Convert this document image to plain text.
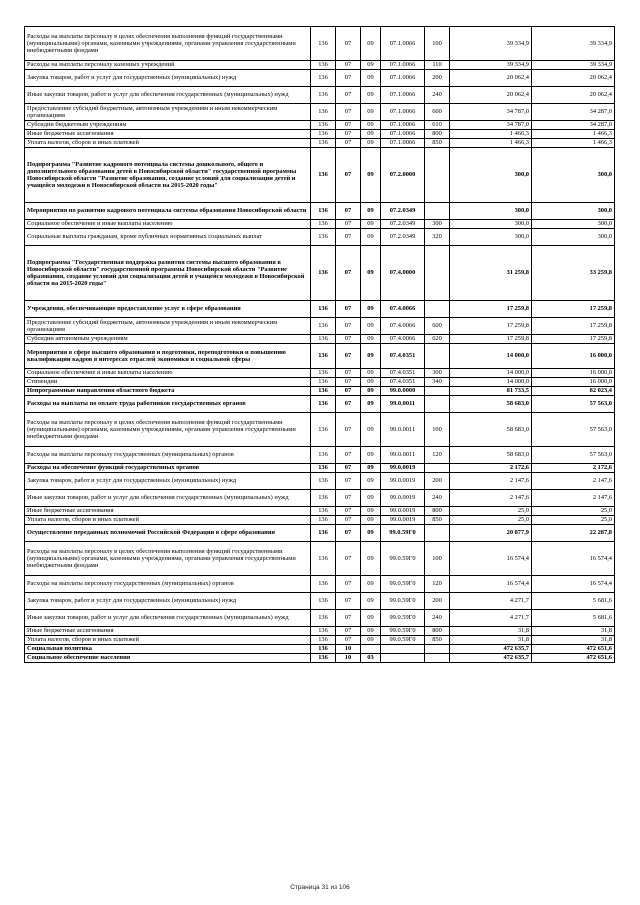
Расходы на выплаты персоналу в целях обеспечения выполнения функций государственными (муниципальными) органами, казенными учреждениями, органами управления государственными внебюджетными фондами	136	07	09	07.1.0066	100	39 334,9	39 334,9
Расходы на выплаты персоналу казенных учреждений	136	07	09	07.1.0066	110	39 334,9	39 334,9
Закупка товаров, работ и услуг для государственных (муниципальных) нужд	136	07	09	07.1.0066	200	20 062,4	20 062,4
Иные закупки товаров, работ и услуг для обеспечения государственных (муниципальных) нужд	136	07	09	07.1.0066	240	20 062,4	20 062,4
Предоставление субсидий бюджетным, автономным учреждениям и иным некоммерческим организациям	136	07	09	07.1.0066	600	34 787,0	34 287,0
Субсидии бюджетным учреждениям	136	07	09	07.1.0066	610	34 787,0	34 287,0
Иные бюджетные ассигнования	136	07	09	07.1.0066	800	1 466,3	1 466,3
Уплата налогов, сборов и иных платежей	136	07	09	07.1.0066	850	1 466,3	1 466,3
Подпрограмма "Развитие кадрового потенциала системы дошкольного, общего и дополнительного образования детей в Новосибирской области" государственной программы Новосибирской области "Развитие образования, создание условий для социализации детей и учащейся молодежи в Новосибирской области на 2015-2020 годы"	136	07	09	07.2.0000		300,0	300,0
Мероприятия по развитию кадрового потенциала системы образования Новосибирской области	136	07	09	07.2.0349		300,0	300,0
Социальное обеспечение и иные выплаты населению	136	07	09	07.2.0349	300	300,0	300,0
Социальные выплаты гражданам, кроме публичных нормативных социальных выплат	136	07	09	07.2.0349	320	300,0	300,0
Подпрограмма "Государственная поддержка развития системы высшего образования в Новосибирской области" государственной программы Новосибирской области "Развитие образования, создание условий для социализации детей и учащейся молодежи в Новосибирской области на 2015-2020 годы"	136	07	09	07.4.0000		31 259,8	33 259,8
Учреждения, обеспечивающие предоставление услуг в сфере образования	136	07	09	07.4.0066		17 259,8	17 259,8
Предоставление субсидий бюджетным, автономным учреждениям и иным некоммерческим организациям	136	07	09	07.4.0066	600	17 259,8	17 259,8
Субсидии автономным учреждениям	136	07	09	07.4.0066	620	17 259,8	17 259,8
Мероприятия в сфере высшего образования и подготовки, переподготовки и повышению квалификации кадров в интересах отраслей экономики и социальной сферы	136	07	09	07.4.0351		14 000,0	16 000,0
Социальное обеспечение и иные выплаты населению	136	07	09	07.4.0351	300	14 000,0	16 000,0
Стипендии	136	07	09	07.4.0351	340	14 000,0	16 000,0
Непрограммные направления областного бюджета	136	07	09	99.0.0000		81 733,5	82 023,4
Расходы на выплаты по оплате труда работников государственных органов	136	07	09	99.0.0011		58 683,0	57 563,0
Расходы на выплаты персоналу в целях обеспечения выполнения функций государственными (муниципальными) органами, казенными учреждениями, органами управления государственными внебюджетными фондами	136	07	09	99.0.0011	100	58 683,0	57 563,0
Расходы на выплаты персоналу государственных (муниципальных) органов	136	07	09	99.0.0011	120	58 683,0	57 563,0
Расходы на обеспечение функций государственных органов	136	07	09	99.0.0019		2 172,6	2 172,6
Закупка товаров, работ и услуг для государственных (муниципальных) нужд	136	07	09	99.0.0019	200	2 147,6	2 147,6
Иные закупки товаров, работ и услуг для обеспечения государственных (муниципальных) нужд	136	07	09	99.0.0019	240	2 147,6	2 147,6
Иные бюджетные ассигнования	136	07	09	99.0.0019	800	25,0	25,0
Уплата налогов, сборов и иных платежей	136	07	09	99.0.0019	850	25,0	25,0
Осуществление переданных полномочий Российской Федерации в сфере образования	136	07	09	99.0.59Г0		20 877,9	22 287,8
Расходы на выплаты персоналу в целях обеспечения выполнения функций государственными (муниципальными) органами, казенными учреждениями, органами управления государственными внебюджетными фондами	136	07	09	99.0.59Г0	100	16 574,4	16 574,4
Расходы на выплаты персоналу государственных (муниципальных) органов	136	07	09	99.0.59Г0	120	16 574,4	16 574,4
Закупка товаров, работ и услуг для государственных (муниципальных) нужд	136	07	09	99.0.59Г0	200	4 271,7	5 681,6
Иные закупки товаров, работ и услуг для обеспечения государственных (муниципальных) нужд	136	07	09	99.0.59Г0	240	4 271,7	5 681,6
Иные бюджетные ассигнования	136	07	09	99.0.59Г0	800	31,8	31,8
Уплата налогов, сборов и иных платежей	136	07	09	99.0.59Г0	850	31,8	31,8
Социальная политика	136	10				472 635,7	472 651,6
Социальное обеспечение населения	136	10	03			472 635,7	472 651,6
Страница 31 из 106
